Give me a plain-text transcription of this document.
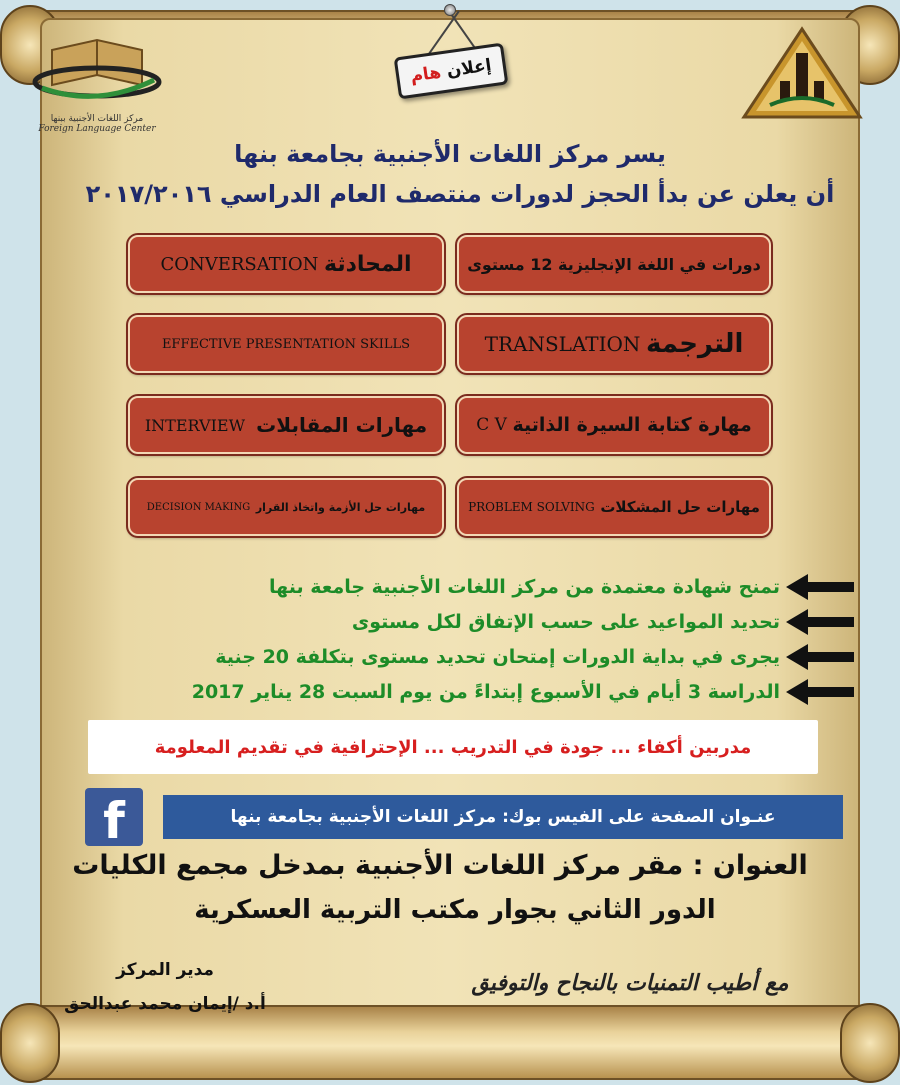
إعلان
هام
مركز اللغات الأجنبية ببنها
Foreign Language Center
يسر مركز اللغات الأجنبية بجامعة بنها
أن يعلن عن بدأ الحجز لدورات منتصف العام الدراسي ٢٠١٧/٢٠١٦
دورات في اللغة الإنجليزية 12 مستوى
المحادثة

CONVERSATION
الترجمة

TRANSLATION
EFFECTIVE PRESENTATION SKILLS
مهارة كتابة السيرة الذاتية

C V
مهارات المقابلات

INTERVIEW
مهارات حل المشكلات

PROBLEM SOLVING
مهارات حل الأزمة واتخاذ القرار

DECISION MAKING
تمنح شهادة معتمدة من مركز اللغات الأجنبية جامعة بنها
تحديد المواعيد على حسب الإتفاق لكل مستوى
يجرى في بداية الدورات إمتحان تحديد مستوى بتكلفة 20 جنية
الدراسة 3 أيام في الأسبوع إبتداءً من يوم السبت 28 يناير 2017
مدربين أكفاء ... جودة في التدريب ... الإحترافية في تقديم المعلومة
f	عنـوان الصفحة على الفيس بوك: مركز اللغات الأجنبية بجامعة بنها
العنوان : مقر مركز اللغات الأجنبية بمدخل مجمع الكليات
الدور الثاني بجوار مكتب التربية العسكرية
مع أطيب التمنيات بالنجاح والتوفيق
مدير المركز
أ.د /إيمان محمد عبدالحق
